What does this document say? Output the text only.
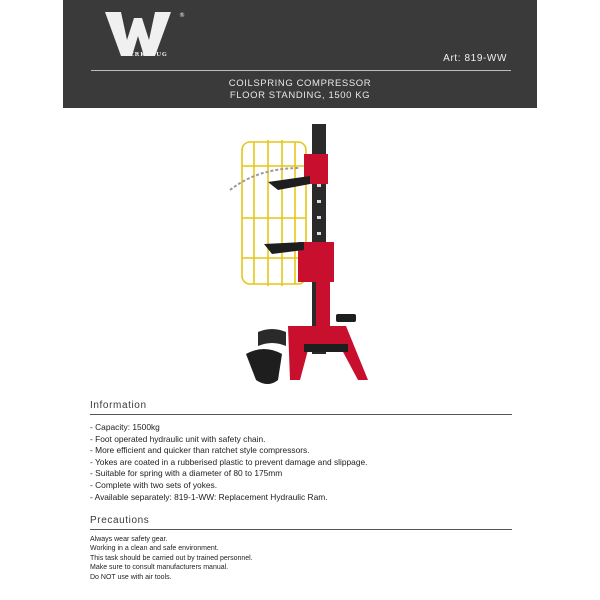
®
WERKZEUG	Art: 819-WW
COILSPRING COMPRESSOR
FLOOR STANDING, 1500 KG
Information
- Capacity: 1500kg
- Foot operated hydraulic unit with safety chain.
- More efficient and quicker than ratchet style compressors.
- Yokes are coated in a rubberised plastic to prevent damage and slippage.
- Suitable for spring with a diameter of 80 to 175mm
- Complete with two sets of yokes.
- Available separately: 819-1-WW: Replacement Hydraulic Ram.
Precautions
Always wear safety gear.
Working in a clean and safe environment.
This task should be carried out by trained personnel.
Make sure to consult manufacturers manual.
Do NOT use with air tools.
